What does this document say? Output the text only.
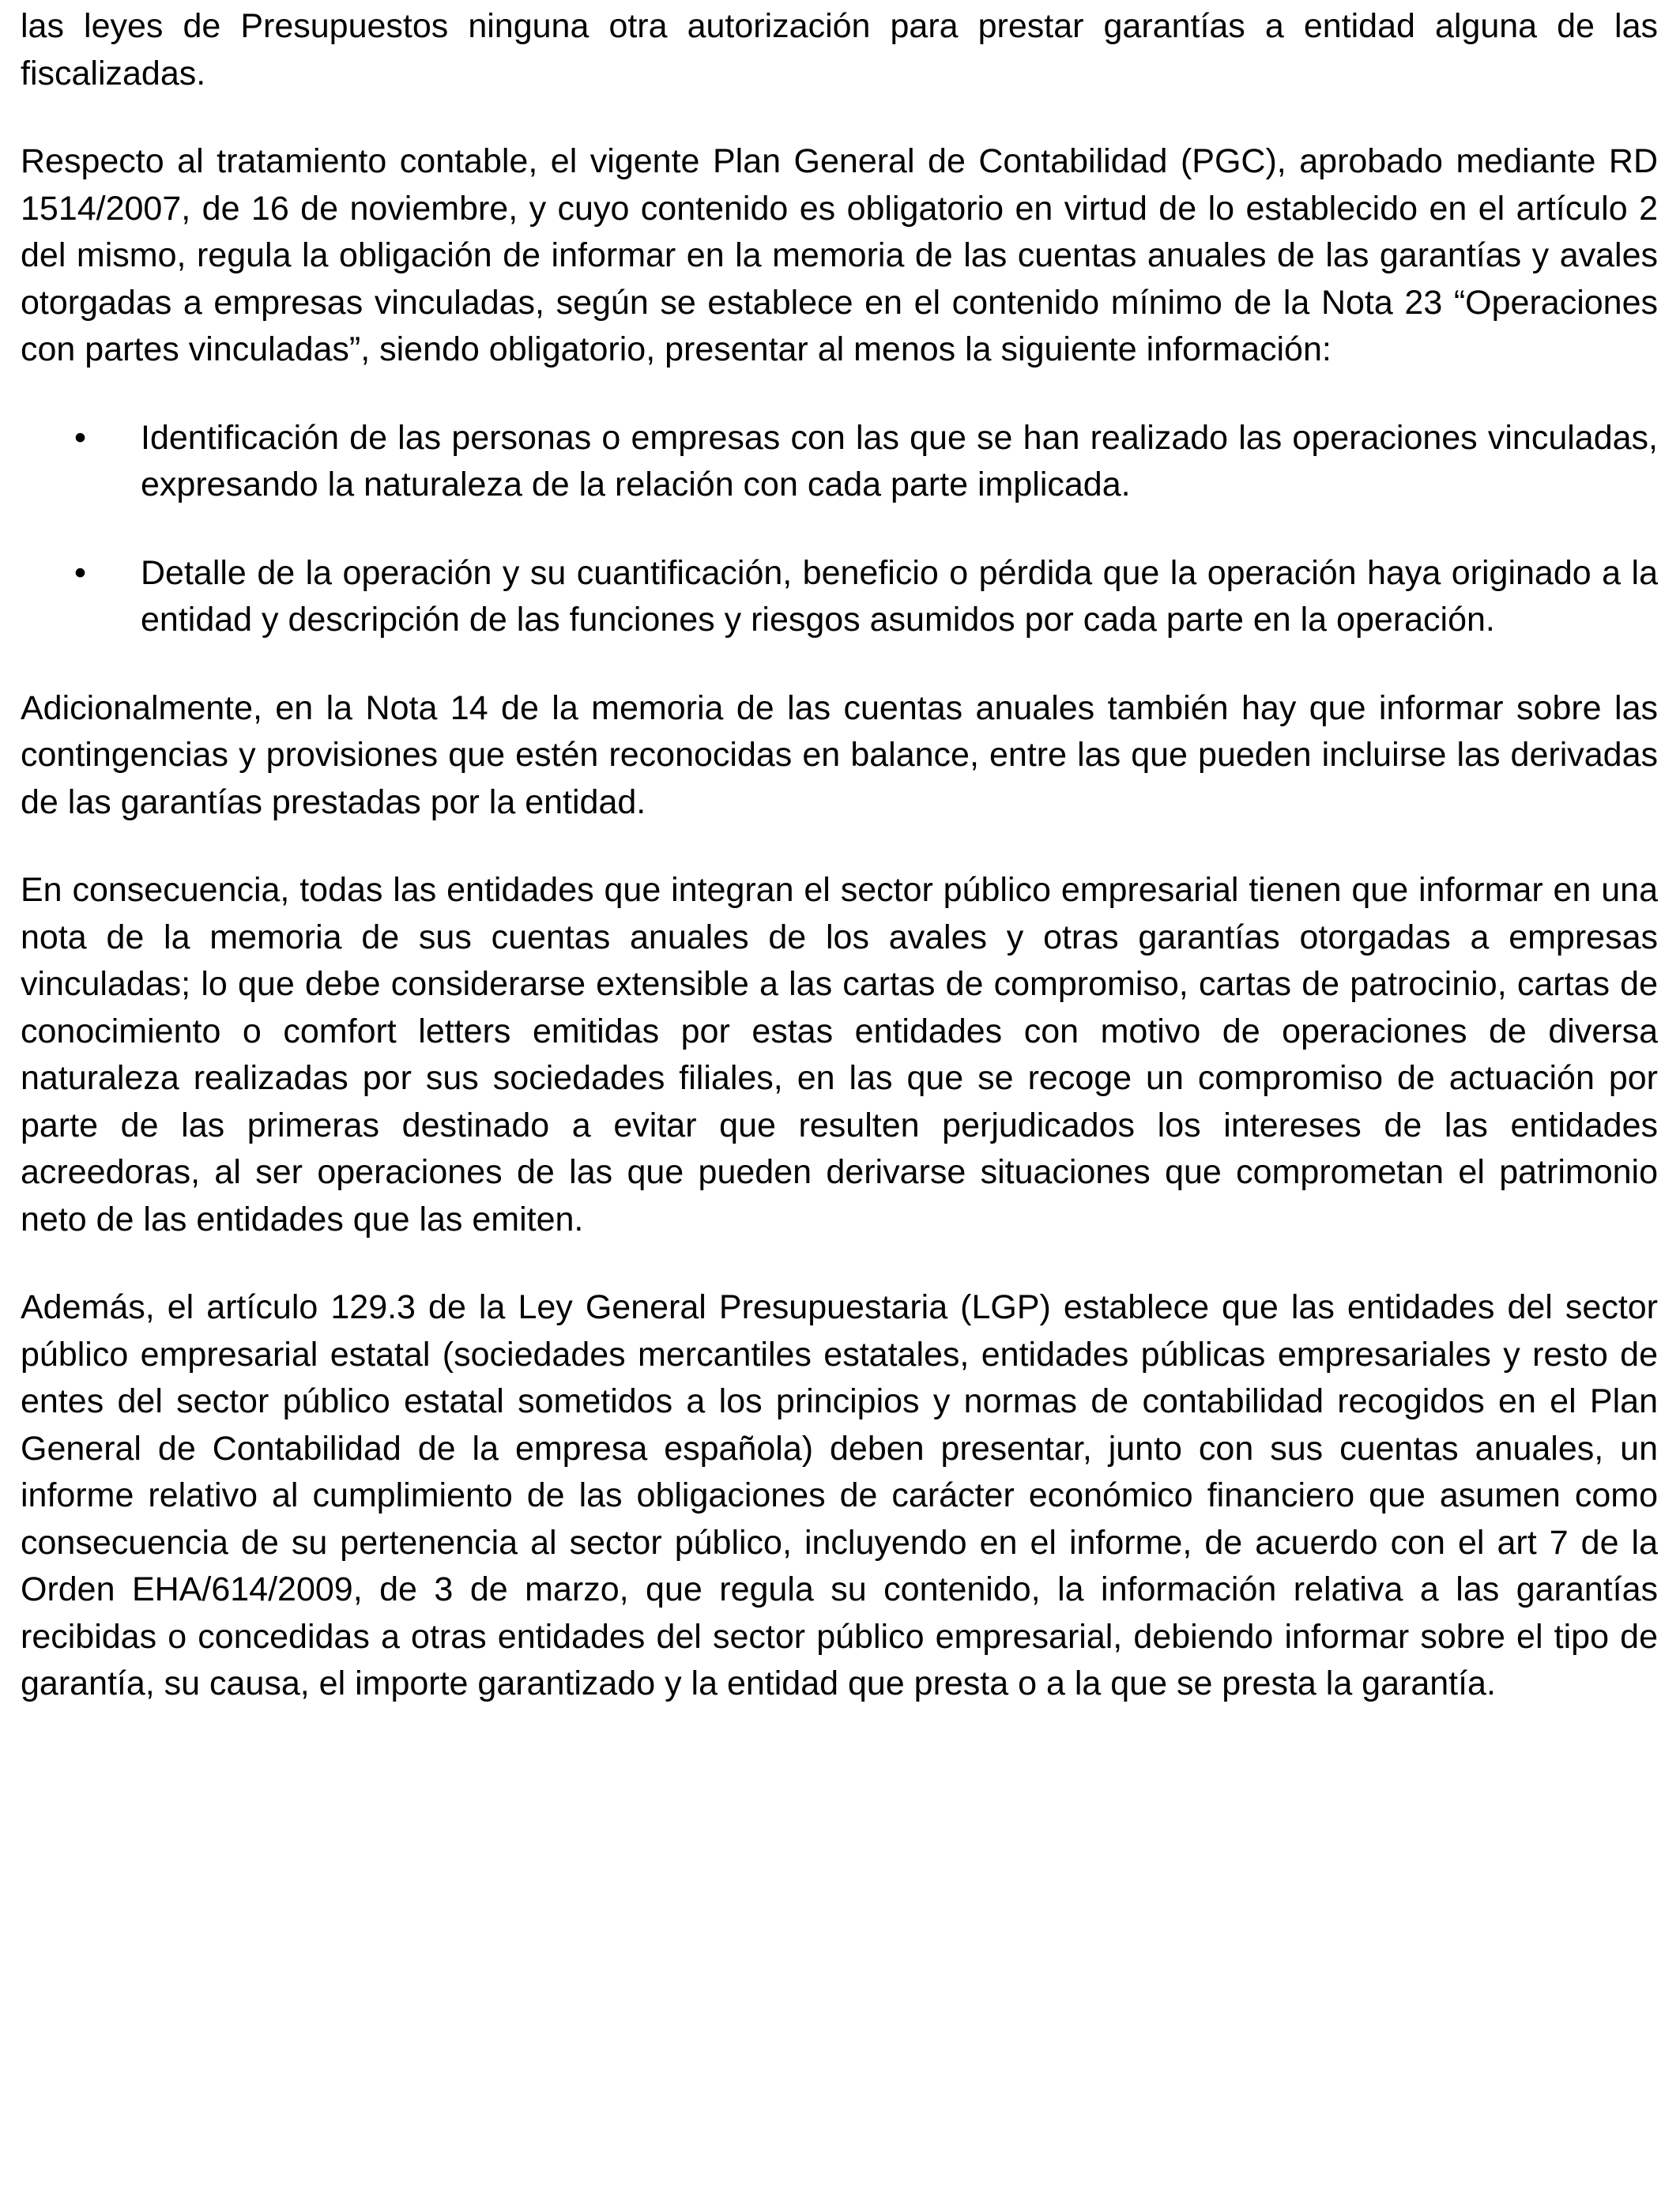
las leyes de Presupuestos ninguna otra autorización para prestar garantías a entidad alguna de las fiscalizadas.

Respecto al tratamiento contable, el vigente Plan General de Contabilidad (PGC), aprobado mediante RD 1514/2007, de 16 de noviembre, y cuyo contenido es obligatorio en virtud de lo establecido en el artículo 2 del mismo, regula la obligación de informar en la memoria de las cuentas anuales de las garantías y avales otorgadas a empresas vinculadas, según se establece en el contenido mínimo de la Nota 23 “Operaciones con partes vinculadas”, siendo obligatorio, presentar al menos la siguiente información:

•	Identificación de las personas o empresas con las que se han realizado las operaciones vinculadas, expresando la naturaleza de la relación con cada parte implicada.
•	Detalle de la operación y su cuantificación, beneficio o pérdida que la operación haya originado a la entidad y descripción de las funciones y riesgos asumidos por cada parte en la operación.

Adicionalmente, en la Nota 14 de la memoria de las cuentas anuales también hay que informar sobre las contingencias y provisiones que estén reconocidas en balance, entre las que pueden incluirse las derivadas de las garantías prestadas por la entidad.

En consecuencia, todas las entidades que integran el sector público empresarial tienen que informar en una nota de la memoria de sus cuentas anuales de los avales y otras garantías otorgadas a empresas vinculadas; lo que debe considerarse extensible a las cartas de compromiso, cartas de patrocinio, cartas de conocimiento o comfort letters emitidas por estas entidades con motivo de operaciones de diversa naturaleza realizadas por sus sociedades filiales, en las que se recoge un compromiso de actuación por parte de las primeras destinado a evitar que resulten perjudicados los intereses de las entidades acreedoras, al ser operaciones de las que pueden derivarse situaciones que comprometan el patrimonio neto de las entidades que las emiten.

Además, el artículo 129.3 de la Ley General Presupuestaria (LGP) establece que las entidades del sector público empresarial estatal (sociedades mercantiles estatales, entidades públicas empresariales y resto de entes del sector público estatal sometidos a los principios y normas de contabilidad recogidos en el Plan General de Contabilidad de la empresa española) deben presentar, junto con sus cuentas anuales, un informe relativo al cumplimiento de las obligaciones de carácter económico financiero que asumen como consecuencia de su pertenencia al sector público, incluyendo en el informe, de acuerdo con el art 7 de la Orden EHA/614/2009, de 3 de marzo, que regula su contenido, la información relativa a las garantías recibidas o concedidas a otras entidades del sector público empresarial, debiendo informar sobre el tipo de garantía, su causa, el importe garantizado y la entidad que presta o a la que se presta la garantía.
